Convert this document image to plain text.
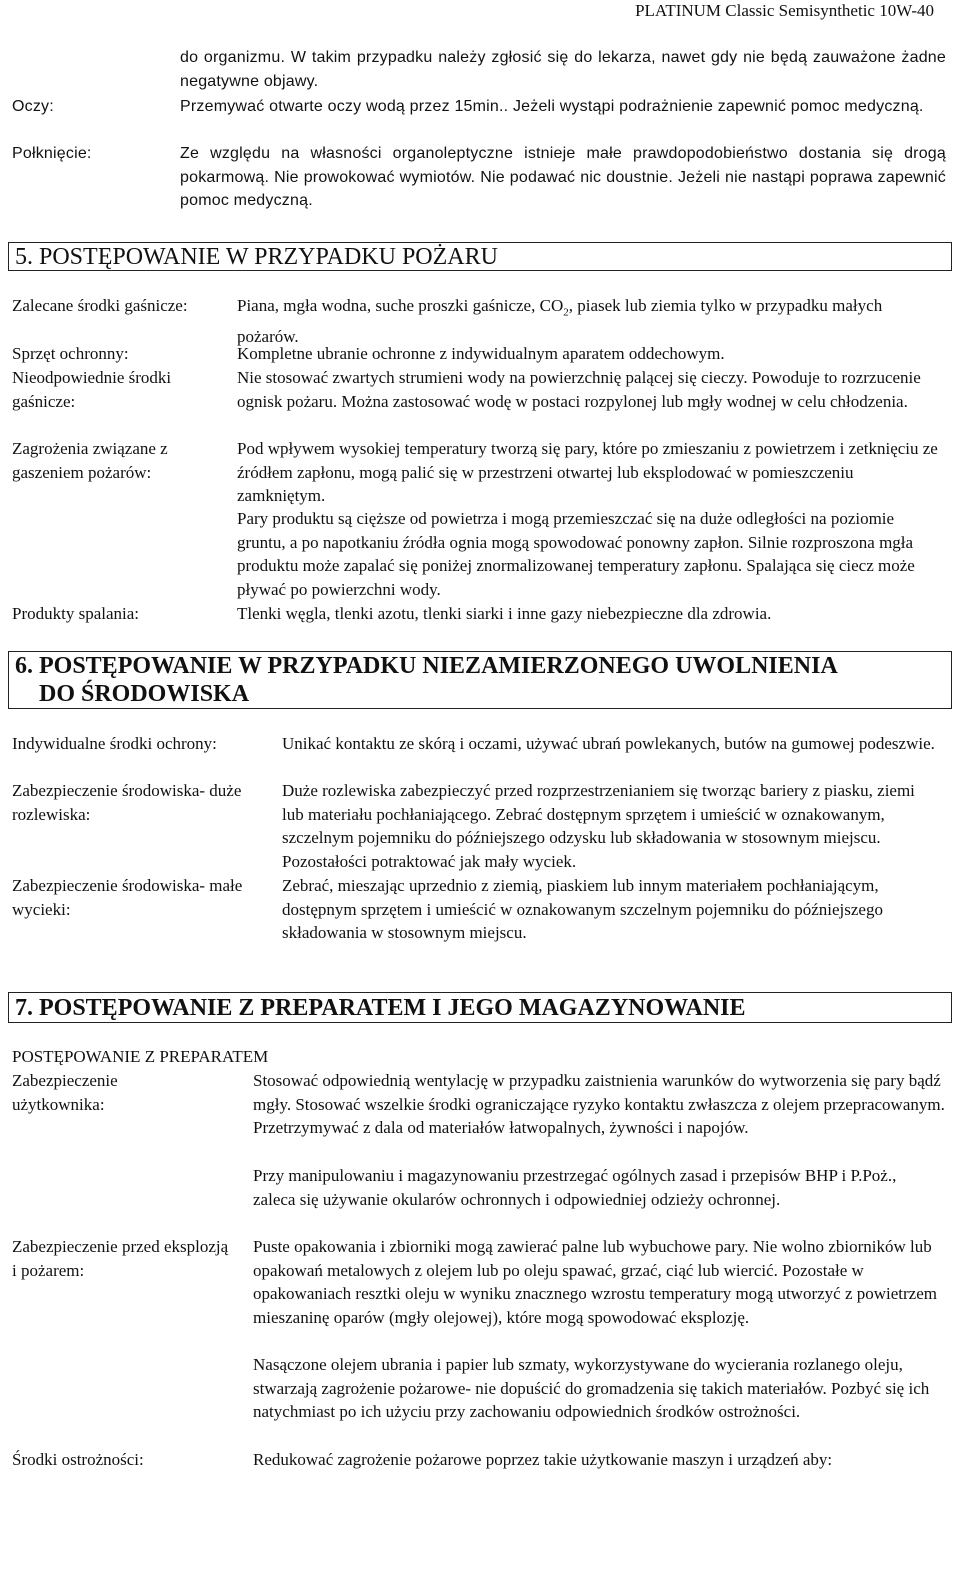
PLATINUM Classic Semisynthetic 10W-40
do organizmu. W takim przypadku należy zgłosić się do lekarza, nawet gdy nie będą zauważone żadne negatywne objawy.
Oczy:	Przemywać otwarte oczy wodą przez 15min.. Jeżeli wystąpi podrażnienie zapewnić pomoc medyczną.
Połknięcie:	Ze względu na własności organoleptyczne istnieje małe prawdopodobieństwo dostania się drogą pokarmową. Nie prowokować wymiotów. Nie podawać nic doustnie. Jeżeli nie nastąpi poprawa zapewnić pomoc medyczną.
5. POSTĘPOWANIE W PRZYPADKU POŻARU
Zalecane środki gaśnicze:	Piana, mgła wodna, suche proszki gaśnicze, $CO_2$, piasek lub ziemia tylko w przypadku małych pożarów.
Sprzęt ochronny:	Kompletne ubranie ochronne z indywidualnym aparatem oddechowym.
Nieodpowiednie środki gaśnicze:
Nie stosować zwartych strumieni wody na powierzchnię palącej się cieczy. Powoduje to rozrzucenie ognisk pożaru. Można zastosować wodę w postaci rozpylonej lub mgły wodnej w celu chłodzenia.
Zagrożenia związane z gaszeniem pożarów:
Pod wpływem wysokiej temperatury tworzą się pary, które po zmieszaniu z powietrzem i zetknięciu ze źródłem zapłonu, mogą palić się w przestrzeni otwartej lub eksplodować w pomieszczeniu zamkniętym.
Pary produktu są cięższe od powietrza i mogą przemieszczać się na duże odległości na poziomie gruntu, a po napotkaniu źródła ognia mogą spowodować ponowny zapłon. Silnie rozproszona mgła produktu może zapalać się poniżej znormalizowanej temperatury zapłonu. Spalająca się ciecz może pływać po powierzchni wody.
Produkty spalania:	Tlenki węgla, tlenki azotu, tlenki siarki i inne gazy niebezpieczne dla zdrowia.
6. POSTĘPOWANIE W PRZYPADKU NIEZAMIERZONEGO UWOLNIENIA
DO ŚRODOWISKA
Indywidualne środki ochrony:	Unikać kontaktu ze skórą i oczami, używać ubrań powlekanych, butów na gumowej podeszwie.
Zabezpieczenie środowiska- duże rozlewiska:
Duże rozlewiska zabezpieczyć przed rozprzestrzenianiem się tworząc bariery z piasku, ziemi lub materiału pochłaniającego. Zebrać dostępnym sprzętem i umieścić w oznakowanym, szczelnym pojemniku do późniejszego odzysku lub składowania w stosownym miejscu. Pozostałości potraktować jak mały wyciek.
Zabezpieczenie środowiska- małe wycieki:
Zebrać, mieszając uprzednio z ziemią, piaskiem lub innym materiałem pochłaniającym, dostępnym sprzętem i umieścić w oznakowanym szczelnym pojemniku do późniejszego składowania w stosownym miejscu.
7. POSTĘPOWANIE Z PREPARATEM I JEGO MAGAZYNOWANIE
POSTĘPOWANIE Z PREPARATEM
Zabezpieczenie użytkownika:
Stosować odpowiednią wentylację w przypadku zaistnienia warunków do wytworzenia się pary bądź mgły. Stosować wszelkie środki ograniczające ryzyko kontaktu zwłaszcza z olejem przepracowanym. Przetrzymywać z dala od materiałów łatwopalnych, żywności i napojów.
Przy manipulowaniu i magazynowaniu przestrzegać ogólnych zasad i przepisów BHP i P.Poż., zaleca się używanie okularów ochronnych i odpowiedniej odzieży ochronnej.
Zabezpieczenie przed eksplozją i pożarem:
Puste opakowania i zbiorniki mogą zawierać palne lub wybuchowe pary. Nie wolno zbiorników lub opakowań metalowych z olejem lub po oleju spawać, grzać, ciąć lub wiercić. Pozostałe w opakowaniach resztki oleju w wyniku znacznego wzrostu temperatury mogą utworzyć z powietrzem mieszaninę oparów (mgły olejowej), które mogą spowodować eksplozję.
Nasączone olejem ubrania i papier lub szmaty, wykorzystywane do wycierania rozlanego oleju, stwarzają zagrożenie pożarowe- nie dopuścić do gromadzenia się takich materiałów. Pozbyć się ich natychmiast po ich użyciu przy zachowaniu odpowiednich środków ostrożności.
Środki ostrożności:	Redukować zagrożenie pożarowe poprzez takie użytkowanie maszyn i urządzeń aby:
